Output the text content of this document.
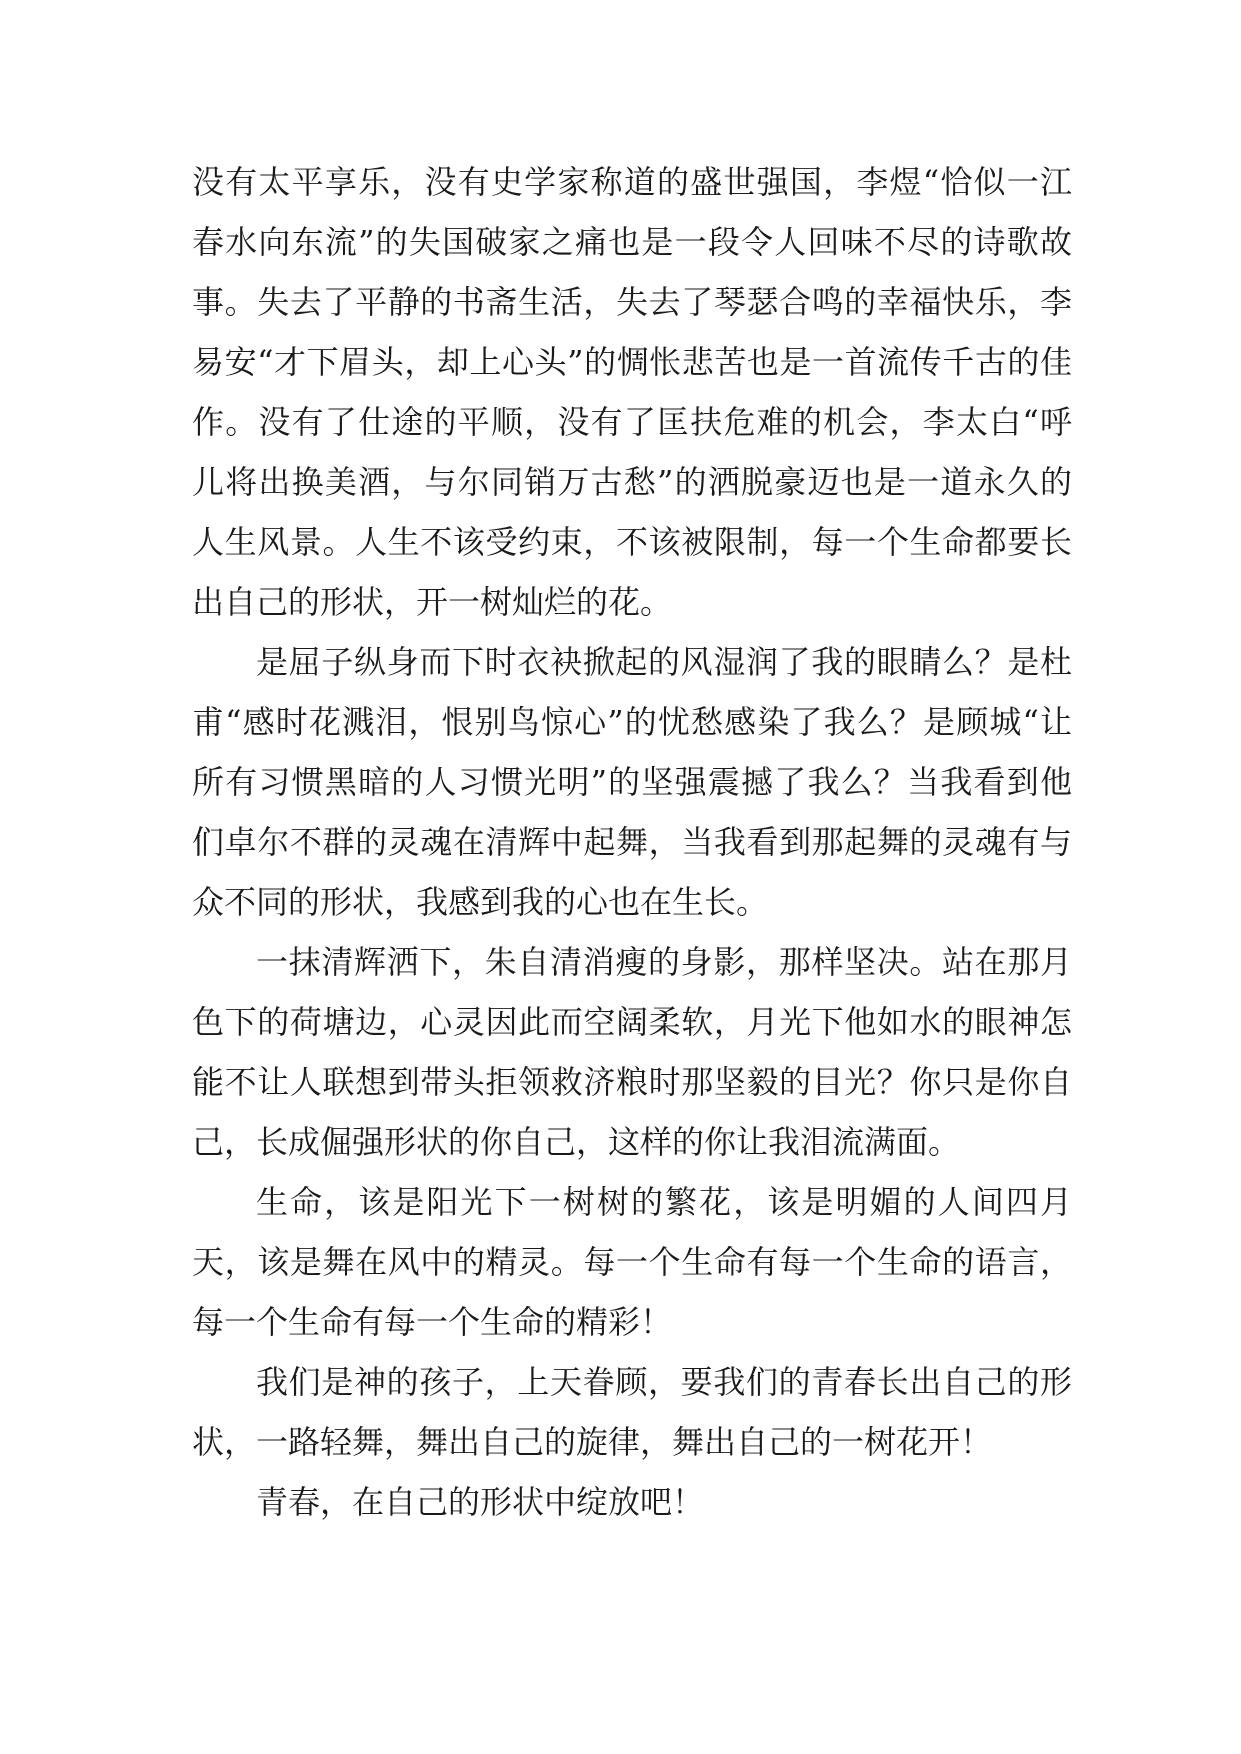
没有太平享乐，没有史学家称道的盛世强国，李煜“恰似一江春水向东流”的失国破家之痛也是一段令人回味不尽的诗歌故事。失去了平静的书斋生活，失去了琴瑟合鸣的幸福快乐，李易安“才下眉头，却上心头”的惆怅悲苦也是一首流传千古的佳作。没有了仕途的平顺，没有了匡扶危难的机会，李太白“呼儿将出换美酒，与尔同销万古愁”的洒脱豪迈也是一道永久的人生风景。人生不该受约束，不该被限制，每一个生命都要长出自己的形状，开一树灿烂的花。

是屈子纵身而下时衣袂掀起的风湿润了我的眼睛么？是杜甫“感时花溅泪，恨别鸟惊心”的忧愁感染了我么？是顾城“让所有习惯黑暗的人习惯光明”的坚强震撼了我么？当我看到他们卓尔不群的灵魂在清辉中起舞，当我看到那起舞的灵魂有与众不同的形状，我感到我的心也在生长。

一抹清辉洒下，朱自清消瘦的身影，那样坚决。站在那月色下的荷塘边，心灵因此而空阔柔软，月光下他如水的眼神怎能不让人联想到带头拒领救济粮时那坚毅的目光？你只是你自己，长成倔强形状的你自己，这样的你让我泪流满面。

生命，该是阳光下一树树的繁花，该是明媚的人间四月天，该是舞在风中的精灵。每一个生命有每一个生命的语言，每一个生命有每一个生命的精彩！

我们是神的孩子，上天眷顾，要我们的青春长出自己的形状，一路轻舞，舞出自己的旋律，舞出自己的一树花开！

青春，在自己的形状中绽放吧！
